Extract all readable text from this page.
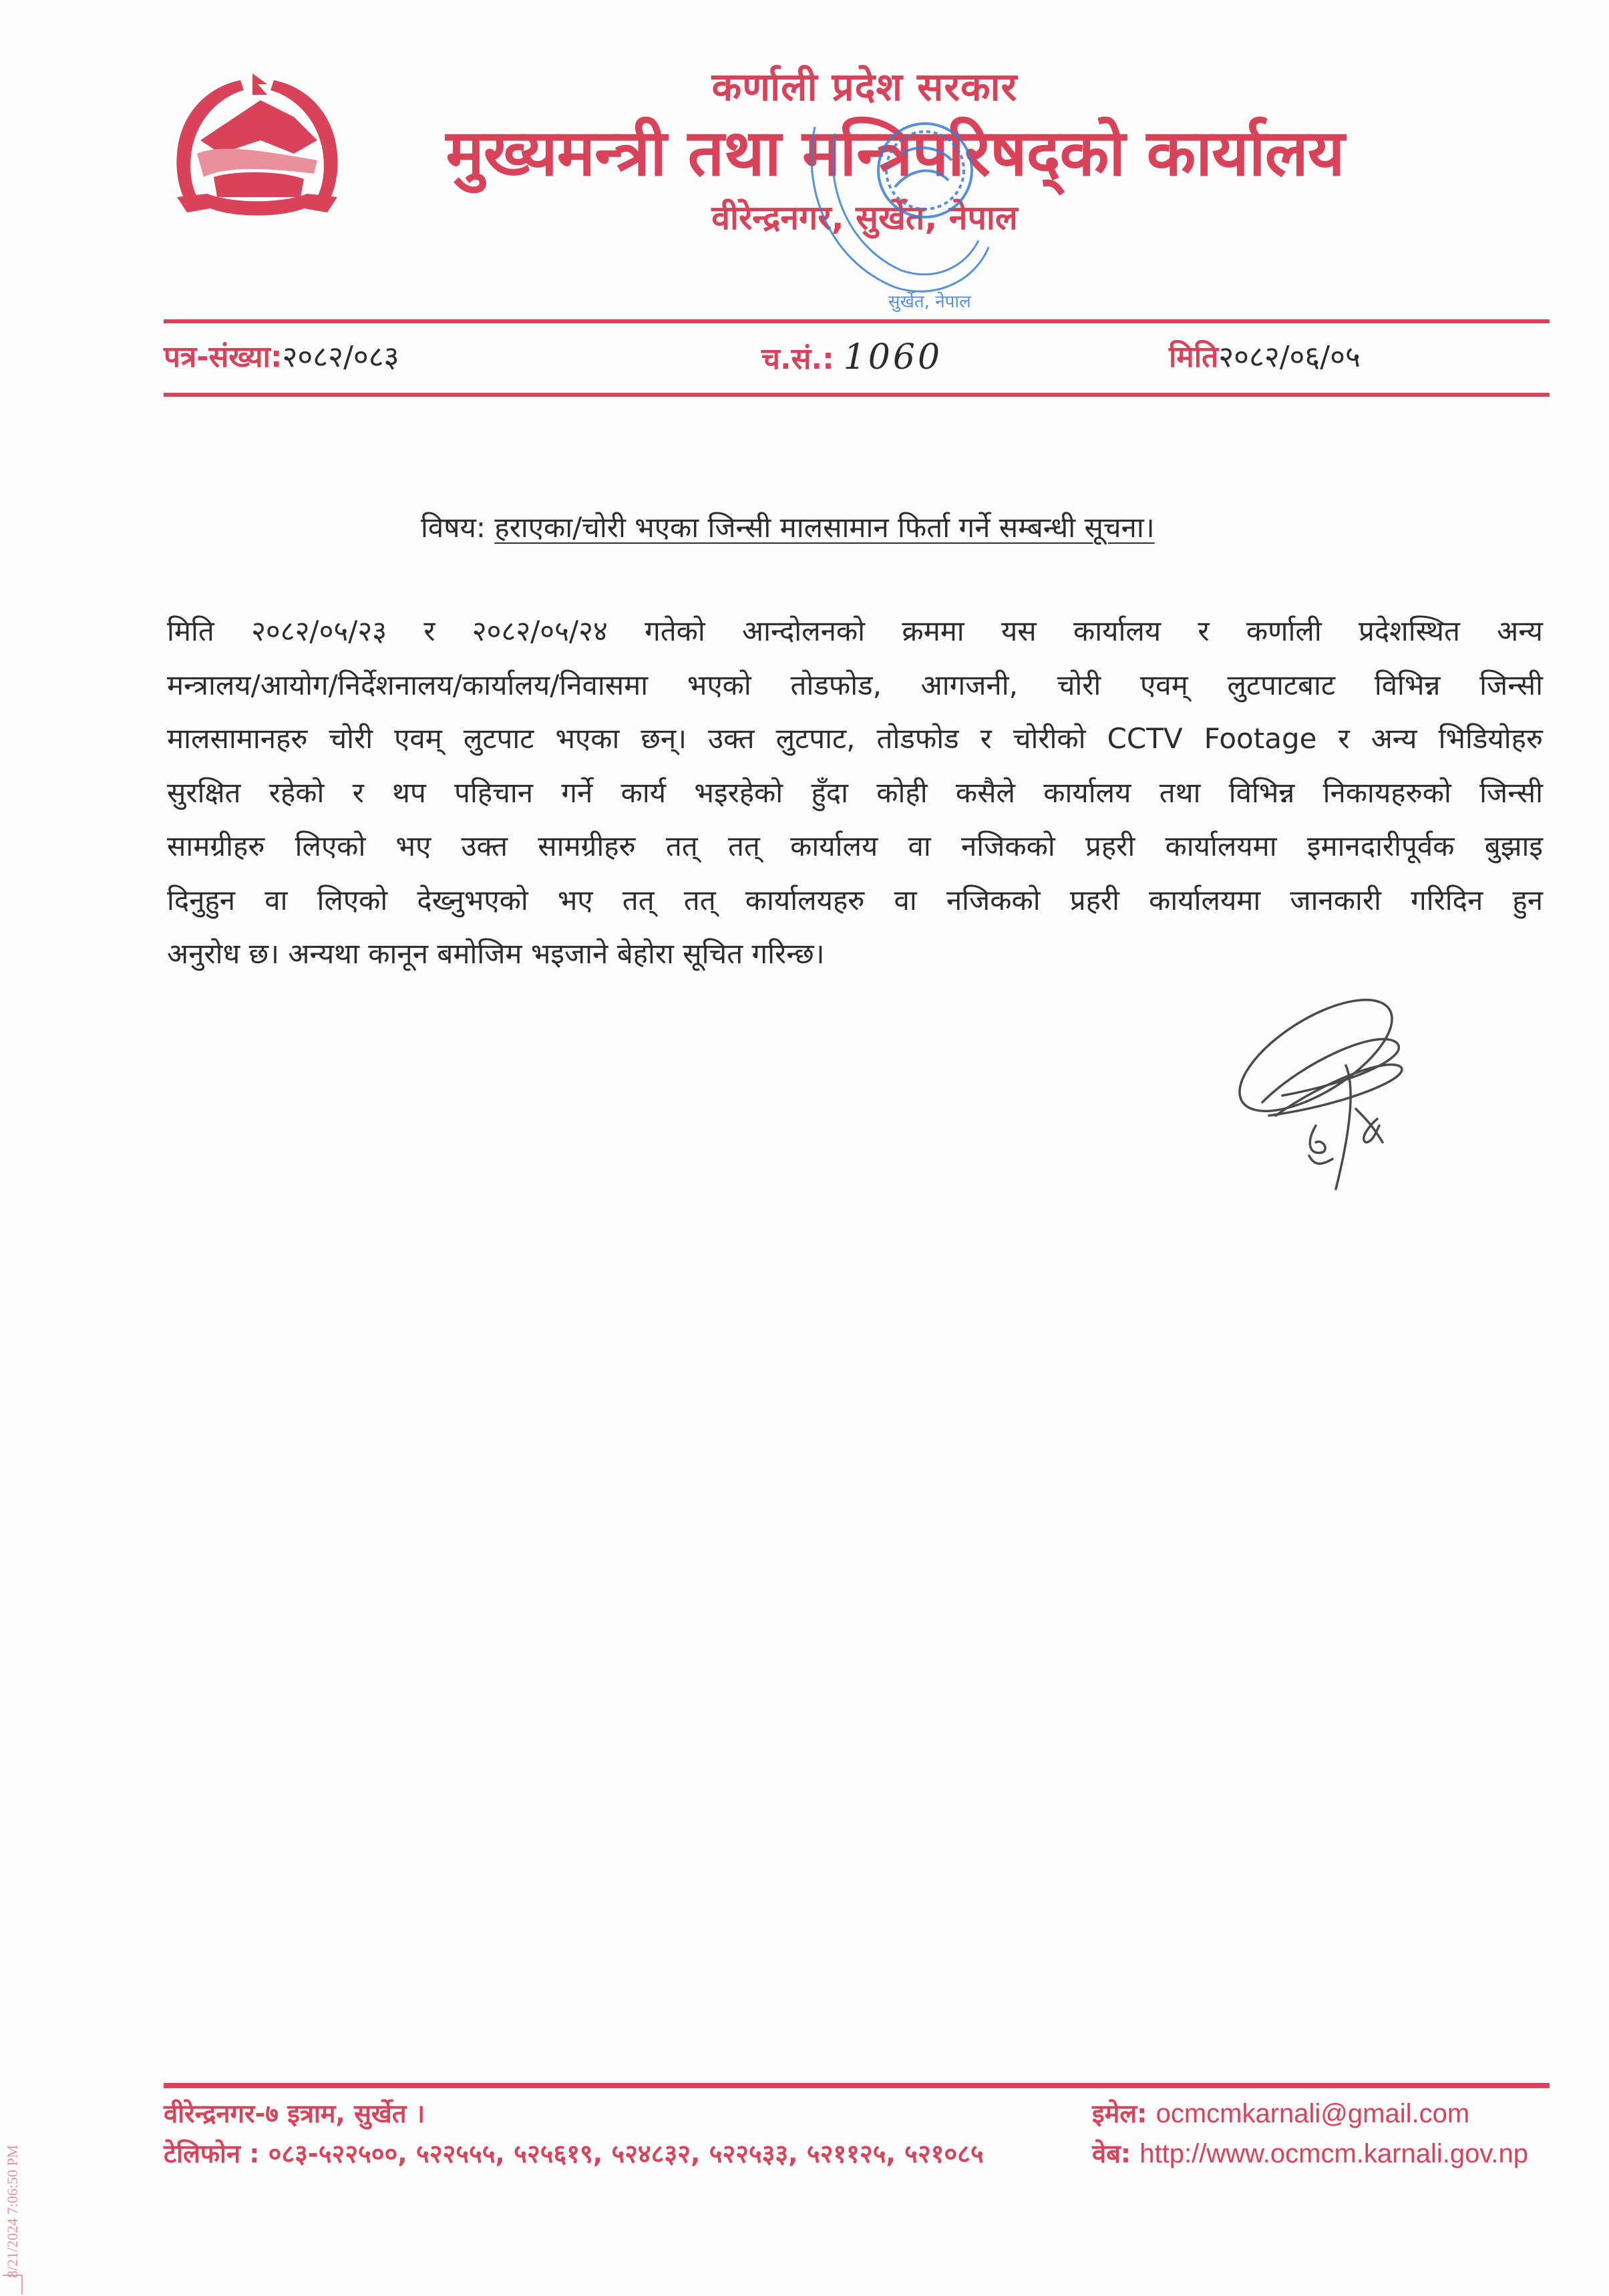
कर्णाली प्रदेश सरकार
मुख्यमन्त्री तथा मन्त्रिपरिषद्को कार्यालय
वीरेन्द्रनगर, सुर्खेत, नेपाल
सुर्खेत, नेपाल
पत्र-संख्या:२०८२/०८३	च.सं.: 1060	मिति२०८२/०६/०५
विषय: हराएका/चोरी भएका जिन्सी मालसामान फिर्ता गर्ने सम्बन्धी सूचना।
मिति २०८२/०५/२३ र २०८२/०५/२४ गतेको आन्दोलनको क्रममा यस कार्यालय र कर्णाली प्रदेशस्थित अन्य
मन्त्रालय/आयोग/निर्देशनालय/कार्यालय/निवासमा भएको तोडफोड, आगजनी, चोरी एवम् लुटपाटबाट विभिन्न जिन्सी
मालसामानहरु चोरी एवम् लुटपाट भएका छन्। उक्त लुटपाट, तोडफोड र चोरीको CCTV Footage र अन्य भिडियोहरु
सुरक्षित रहेको र थप पहिचान गर्ने कार्य भइरहेको हुँदा कोही कसैले कार्यालय तथा विभिन्न निकायहरुको जिन्सी
सामग्रीहरु लिएको भए उक्त सामग्रीहरु तत् तत् कार्यालय वा नजिकको प्रहरी कार्यालयमा इमानदारीपूर्वक बुझाइ
दिनुहुन वा लिएको देख्नुभएको भए तत् तत् कार्यालयहरु वा नजिकको प्रहरी कार्यालयमा जानकारी गरिदिन हुन
अनुरोध छ। अन्यथा कानून बमोजिम भइजाने बेहोरा सूचित गरिन्छ।
वीरेन्द्रनगर-७ इत्राम, सुर्खेत ।
टेलिफोन : ०८३-५२२५००, ५२२५५५, ५२५६१९, ५२४८३२, ५२२५३३, ५२११२५, ५२१०८५
इमेल: ocmcmkarnali@gmail.com
वेब: http://www.ocmcm.karnali.gov.np
8/21/2024 7:06:50 PM
